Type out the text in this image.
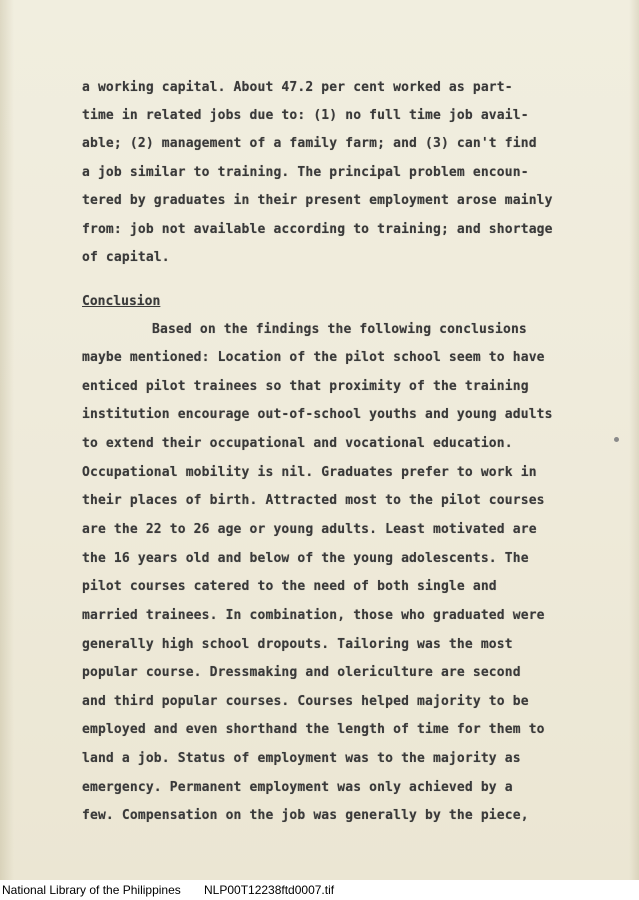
a working capital. About 47.2 per cent worked as part-

time in related jobs due to: (1) no full time job avail-

able; (2) management of a family farm; and (3) can't find

a job similar to training. The principal problem encoun-

tered by graduates in their present employment arose mainly

from: job not available according to training; and shortage

of capital.

Conclusion

Based on the findings the following conclusions

maybe mentioned: Location of the pilot school seem to have

enticed pilot trainees so that proximity of the training

institution encourage out-of-school youths and young adults

to extend their occupational and vocational education.

Occupational mobility is nil. Graduates prefer to work in

their places of birth. Attracted most to the pilot courses

are the 22 to 26 age or young adults. Least motivated are

the 16 years old and below of the young adolescents. The

pilot courses catered to the need of both single and

married trainees. In combination, those who graduated were

generally high school dropouts. Tailoring was the most

popular course. Dressmaking and olericulture are second

and third popular courses. Courses helped majority to be

employed and even shorthand the length of time for them to

land a job. Status of employment was to the majority as

emergency. Permanent employment was only achieved by a

few. Compensation on the job was generally by the piece,

National Library of the Philippines NLP00T12238ftd0007.tif
